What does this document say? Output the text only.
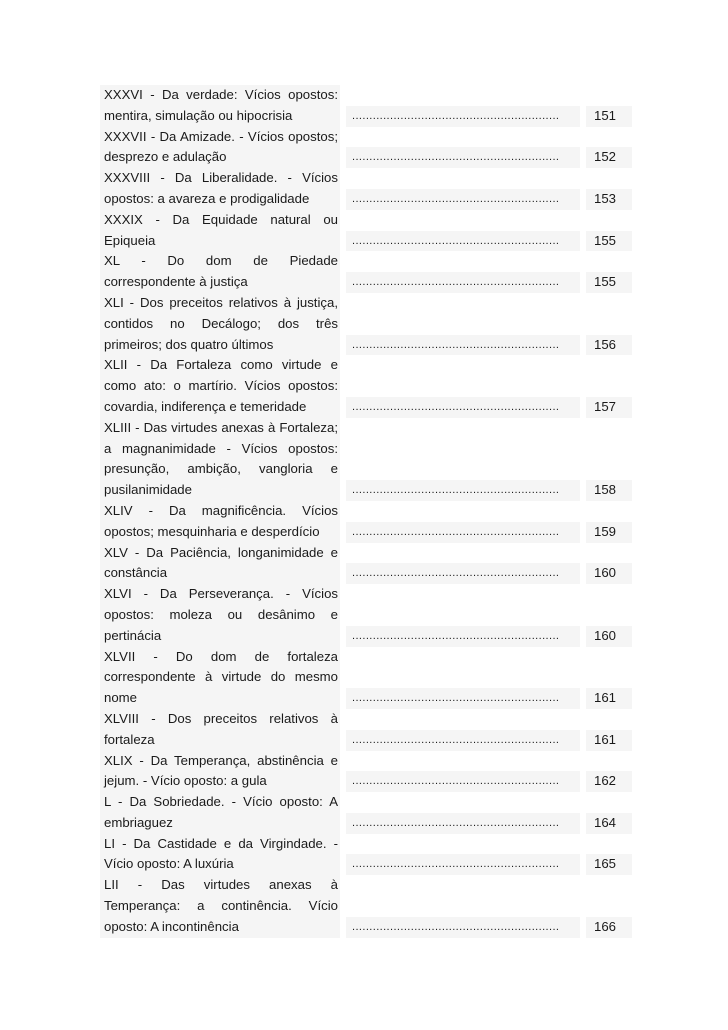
XXXVI - Da verdade: Vícios opostos: mentira, simulação ou hipocrisia	............................................................	151
XXXVII - Da Amizade. - Vícios opostos; desprezo e adulação	............................................................	152
XXXVIII - Da Liberalidade. - Vícios opostos: a avareza e prodigalidade	............................................................	153
XXXIX - Da Equidade natural ou Epiqueia	............................................................	155
XL - Do dom de Piedade correspondente à justiça	............................................................	155
XLI - Dos preceitos relativos à justiça, contidos no Decálogo; dos três primeiros; dos quatro últimos	............................................................	156
XLII - Da Fortaleza como virtude e como ato: o martírio. Vícios opostos: covardia, indiferença e temeridade	............................................................	157
XLIII - Das virtudes anexas à Fortaleza; a magnanimidade - Vícios opostos: presunção, ambição, vangloria e pusilanimidade	............................................................	158
XLIV - Da magnificência. Vícios opostos; mesquinharia e desperdício	............................................................	159
XLV - Da Paciência, longanimidade e constância	............................................................	160
XLVI - Da Perseverança. - Vícios opostos: moleza ou desânimo e pertinácia	............................................................	160
XLVII - Do dom de fortaleza correspondente à virtude do mesmo nome	............................................................	161
XLVIII - Dos preceitos relativos à fortaleza	............................................................	161
XLIX - Da Temperança, abstinência e jejum. - Vício oposto: a gula	............................................................	162
L - Da Sobriedade. - Vício oposto: A embriaguez	............................................................	164
LI - Da Castidade e da Virgindade. - Vício oposto: A luxúria	............................................................	165
LII - Das virtudes anexas à Temperança: a continência. Vício oposto: A incontinência	............................................................	166
